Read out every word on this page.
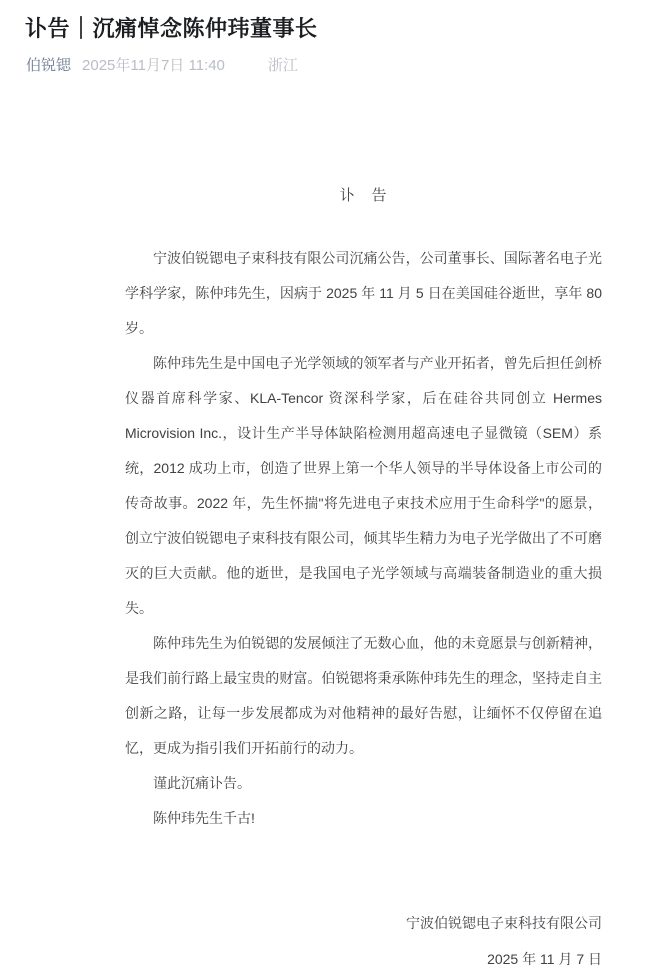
讣告｜沉痛悼念陈仲玮董事长
伯锐锶 2025年11月7日 11:40	浙江
讣　告

宁波伯锐锶电子束科技有限公司沉痛公告，公司董事长、国际著名电子光学科学家，陈仲玮先生，因病于 2025 年 11 月 5 日在美国硅谷逝世，享年 80 岁。

陈仲玮先生是中国电子光学领域的领军者与产业开拓者，曾先后担任剑桥仪器首席科学家、KLA-Tencor 资深科学家，后在硅谷共同创立 Hermes Microvision Inc.，设计生产半导体缺陷检测用超高速电子显微镜（SEM）系统，2012 成功上市，创造了世界上第一个华人领导的半导体设备上市公司的传奇故事。2022 年，先生怀揣"将先进电子束技术应用于生命科学"的愿景，创立宁波伯锐锶电子束科技有限公司，倾其毕生精力为电子光学做出了不可磨灭的巨大贡献。他的逝世，是我国电子光学领域与高端装备制造业的重大损失。

陈仲玮先生为伯锐锶的发展倾注了无数心血，他的未竟愿景与创新精神，是我们前行路上最宝贵的财富。伯锐锶将秉承陈仲玮先生的理念，坚持走自主创新之路，让每一步发展都成为对他精神的最好告慰，让缅怀不仅停留在追忆，更成为指引我们开拓前行的动力。

谨此沉痛讣告。

陈仲玮先生千古!

宁波伯锐锶电子束科技有限公司
2025 年 11 月 7 日
